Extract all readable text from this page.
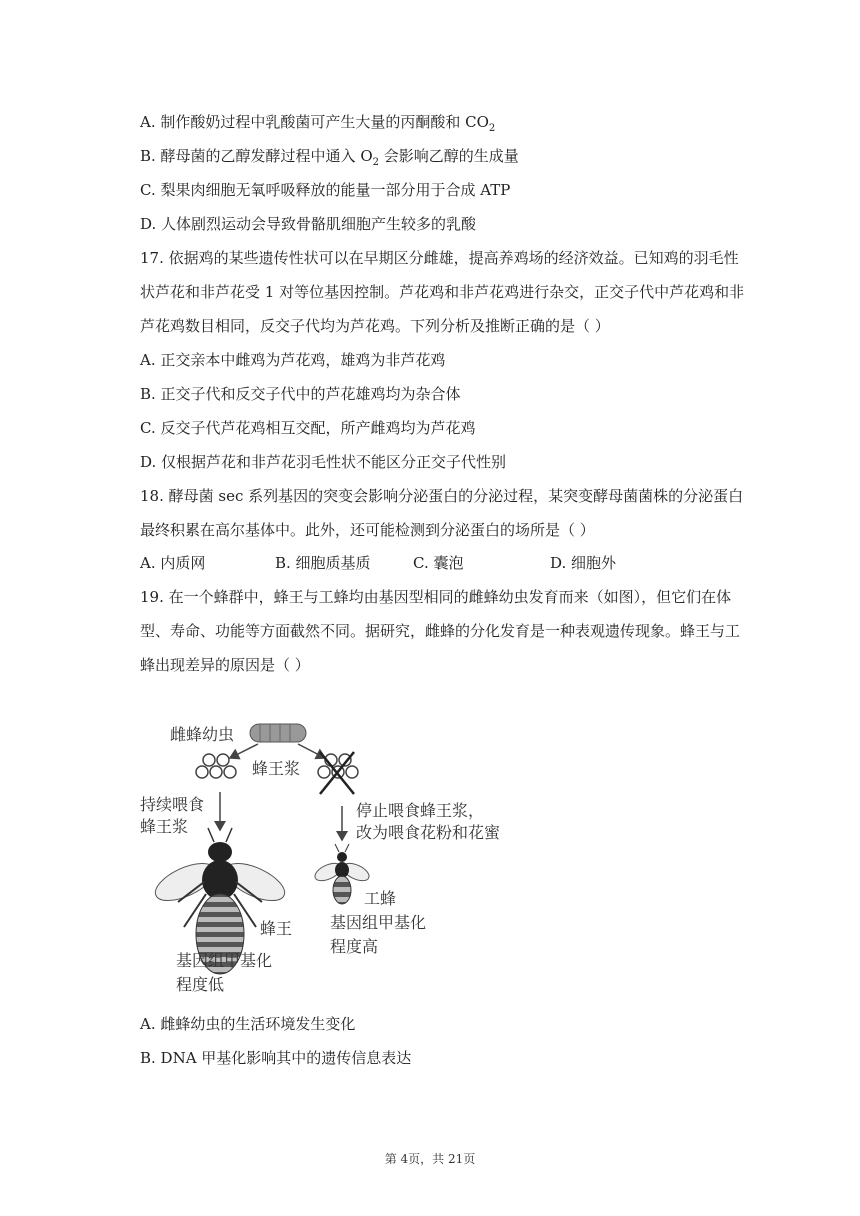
A. 制作酸奶过程中乳酸菌可产生大量的丙酮酸和 $CO_2$
B. 酵母菌的乙醇发酵过程中通入 $O_2$ 会影响乙醇的生成量
C. 梨果肉细胞无氧呼吸释放的能量一部分用于合成 ATP
D. 人体剧烈运动会导致骨骼肌细胞产生较多的乳酸
17. 依据鸡的某些遗传性状可以在早期区分雌雄，提高养鸡场的经济效益。已知鸡的羽毛性
状芦花和非芦花受 1 对等位基因控制。芦花鸡和非芦花鸡进行杂交，正交子代中芦花鸡和非
芦花鸡数目相同，反交子代均为芦花鸡。下列分析及推断正确的是（ ）
A. 正交亲本中雌鸡为芦花鸡，雄鸡为非芦花鸡
B. 正交子代和反交子代中的芦花雄鸡均为杂合体
C. 反交子代芦花鸡相互交配，所产雌鸡均为芦花鸡
D. 仅根据芦花和非芦花羽毛性状不能区分正交子代性别
18. 酵母菌 sec 系列基因的突变会影响分泌蛋白的分泌过程，某突变酵母菌菌株的分泌蛋白
最终积累在高尔基体中。此外，还可能检测到分泌蛋白的场所是（ ）
A. 内质网	B. 细胞质基质	C. 囊泡	D. 细胞外
19. 在一个蜂群中，蜂王与工蜂均由基因型相同的雌蜂幼虫发育而来（如图），但它们在体
型、寿命、功能等方面截然不同。据研究，雌蜂的分化发育是一种表观遗传现象。蜂王与工
蜂出现差异的原因是（ ）
雌蜂幼虫
蜂王浆
持续喂食
蜂王浆
停止喂食蜂王浆，
改为喂食花粉和花蜜
蜂王
基因组甲基化
程度低
工蜂
基因组甲基化
程度高
A. 雌蜂幼虫的生活环境发生变化
B. DNA 甲基化影响其中的遗传信息表达
第 4页，共 21页
